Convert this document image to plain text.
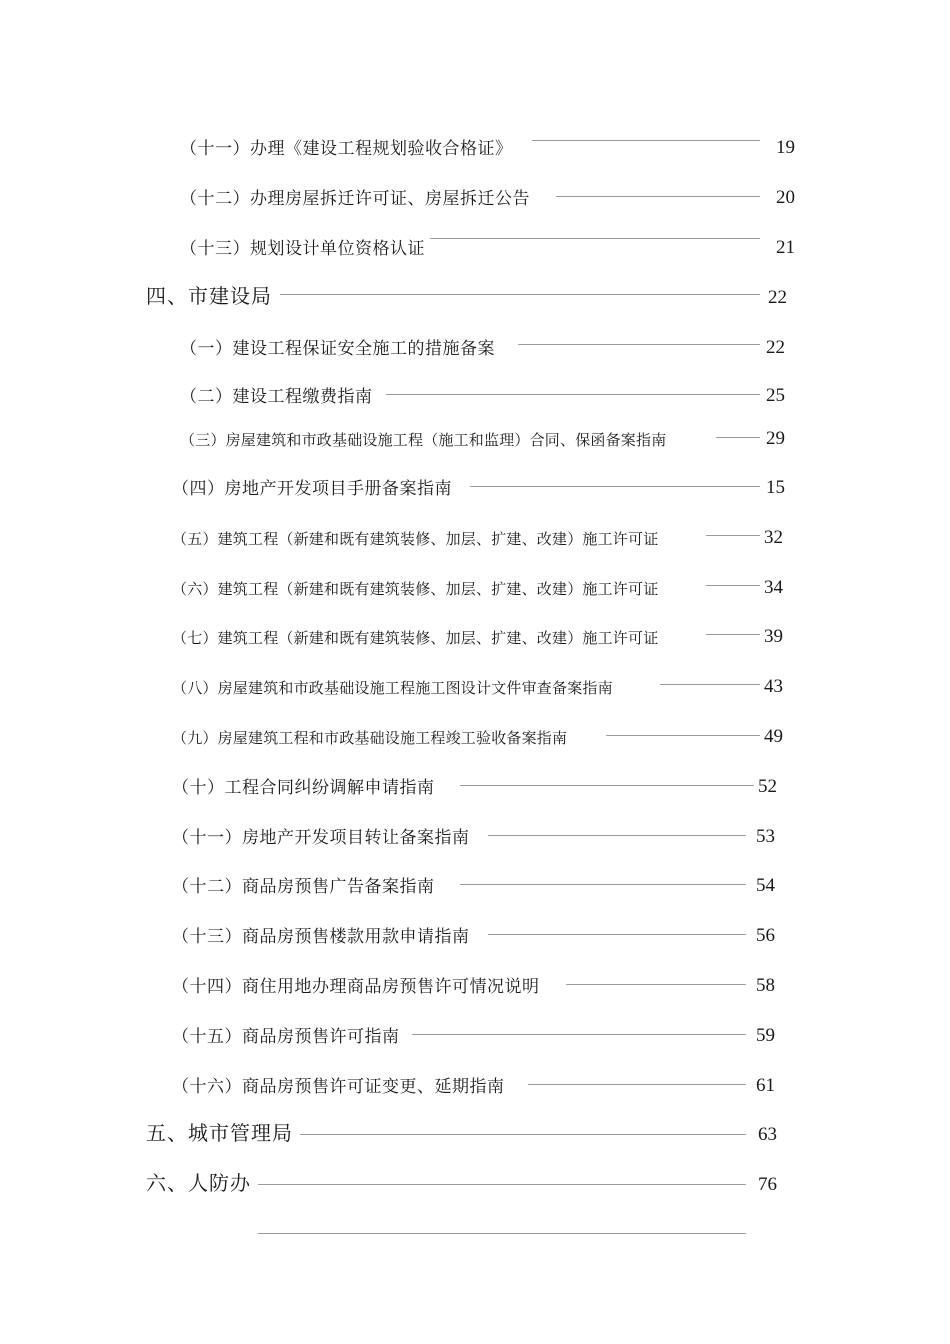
（十一）办理《建设工程规划验收合格证》	19
（十二）办理房屋拆迁许可证、房屋拆迁公告	20
（十三）规划设计单位资格认证	21
四、市建设局	22
（一）建设工程保证安全施工的措施备案	22
（二）建设工程缴费指南	25
（三）房屋建筑和市政基础设施工程（施工和监理）合同、保函备案指南	29
（四）房地产开发项目手册备案指南	15
（五）建筑工程（新建和既有建筑装修、加层、扩建、改建）施工许可证	32
（六）建筑工程（新建和既有建筑装修、加层、扩建、改建）施工许可证	34
（七）建筑工程（新建和既有建筑装修、加层、扩建、改建）施工许可证	39
（八）房屋建筑和市政基础设施工程施工图设计文件审查备案指南	43
（九）房屋建筑工程和市政基础设施工程竣工验收备案指南	49
（十）工程合同纠纷调解申请指南	52
（十一）房地产开发项目转让备案指南	53
（十二）商品房预售广告备案指南	54
（十三）商品房预售楼款用款申请指南	56
（十四）商住用地办理商品房预售许可情况说明	58
（十五）商品房预售许可指南	59
（十六）商品房预售许可证变更、延期指南	61
五、城市管理局	63
六、人防办	76
